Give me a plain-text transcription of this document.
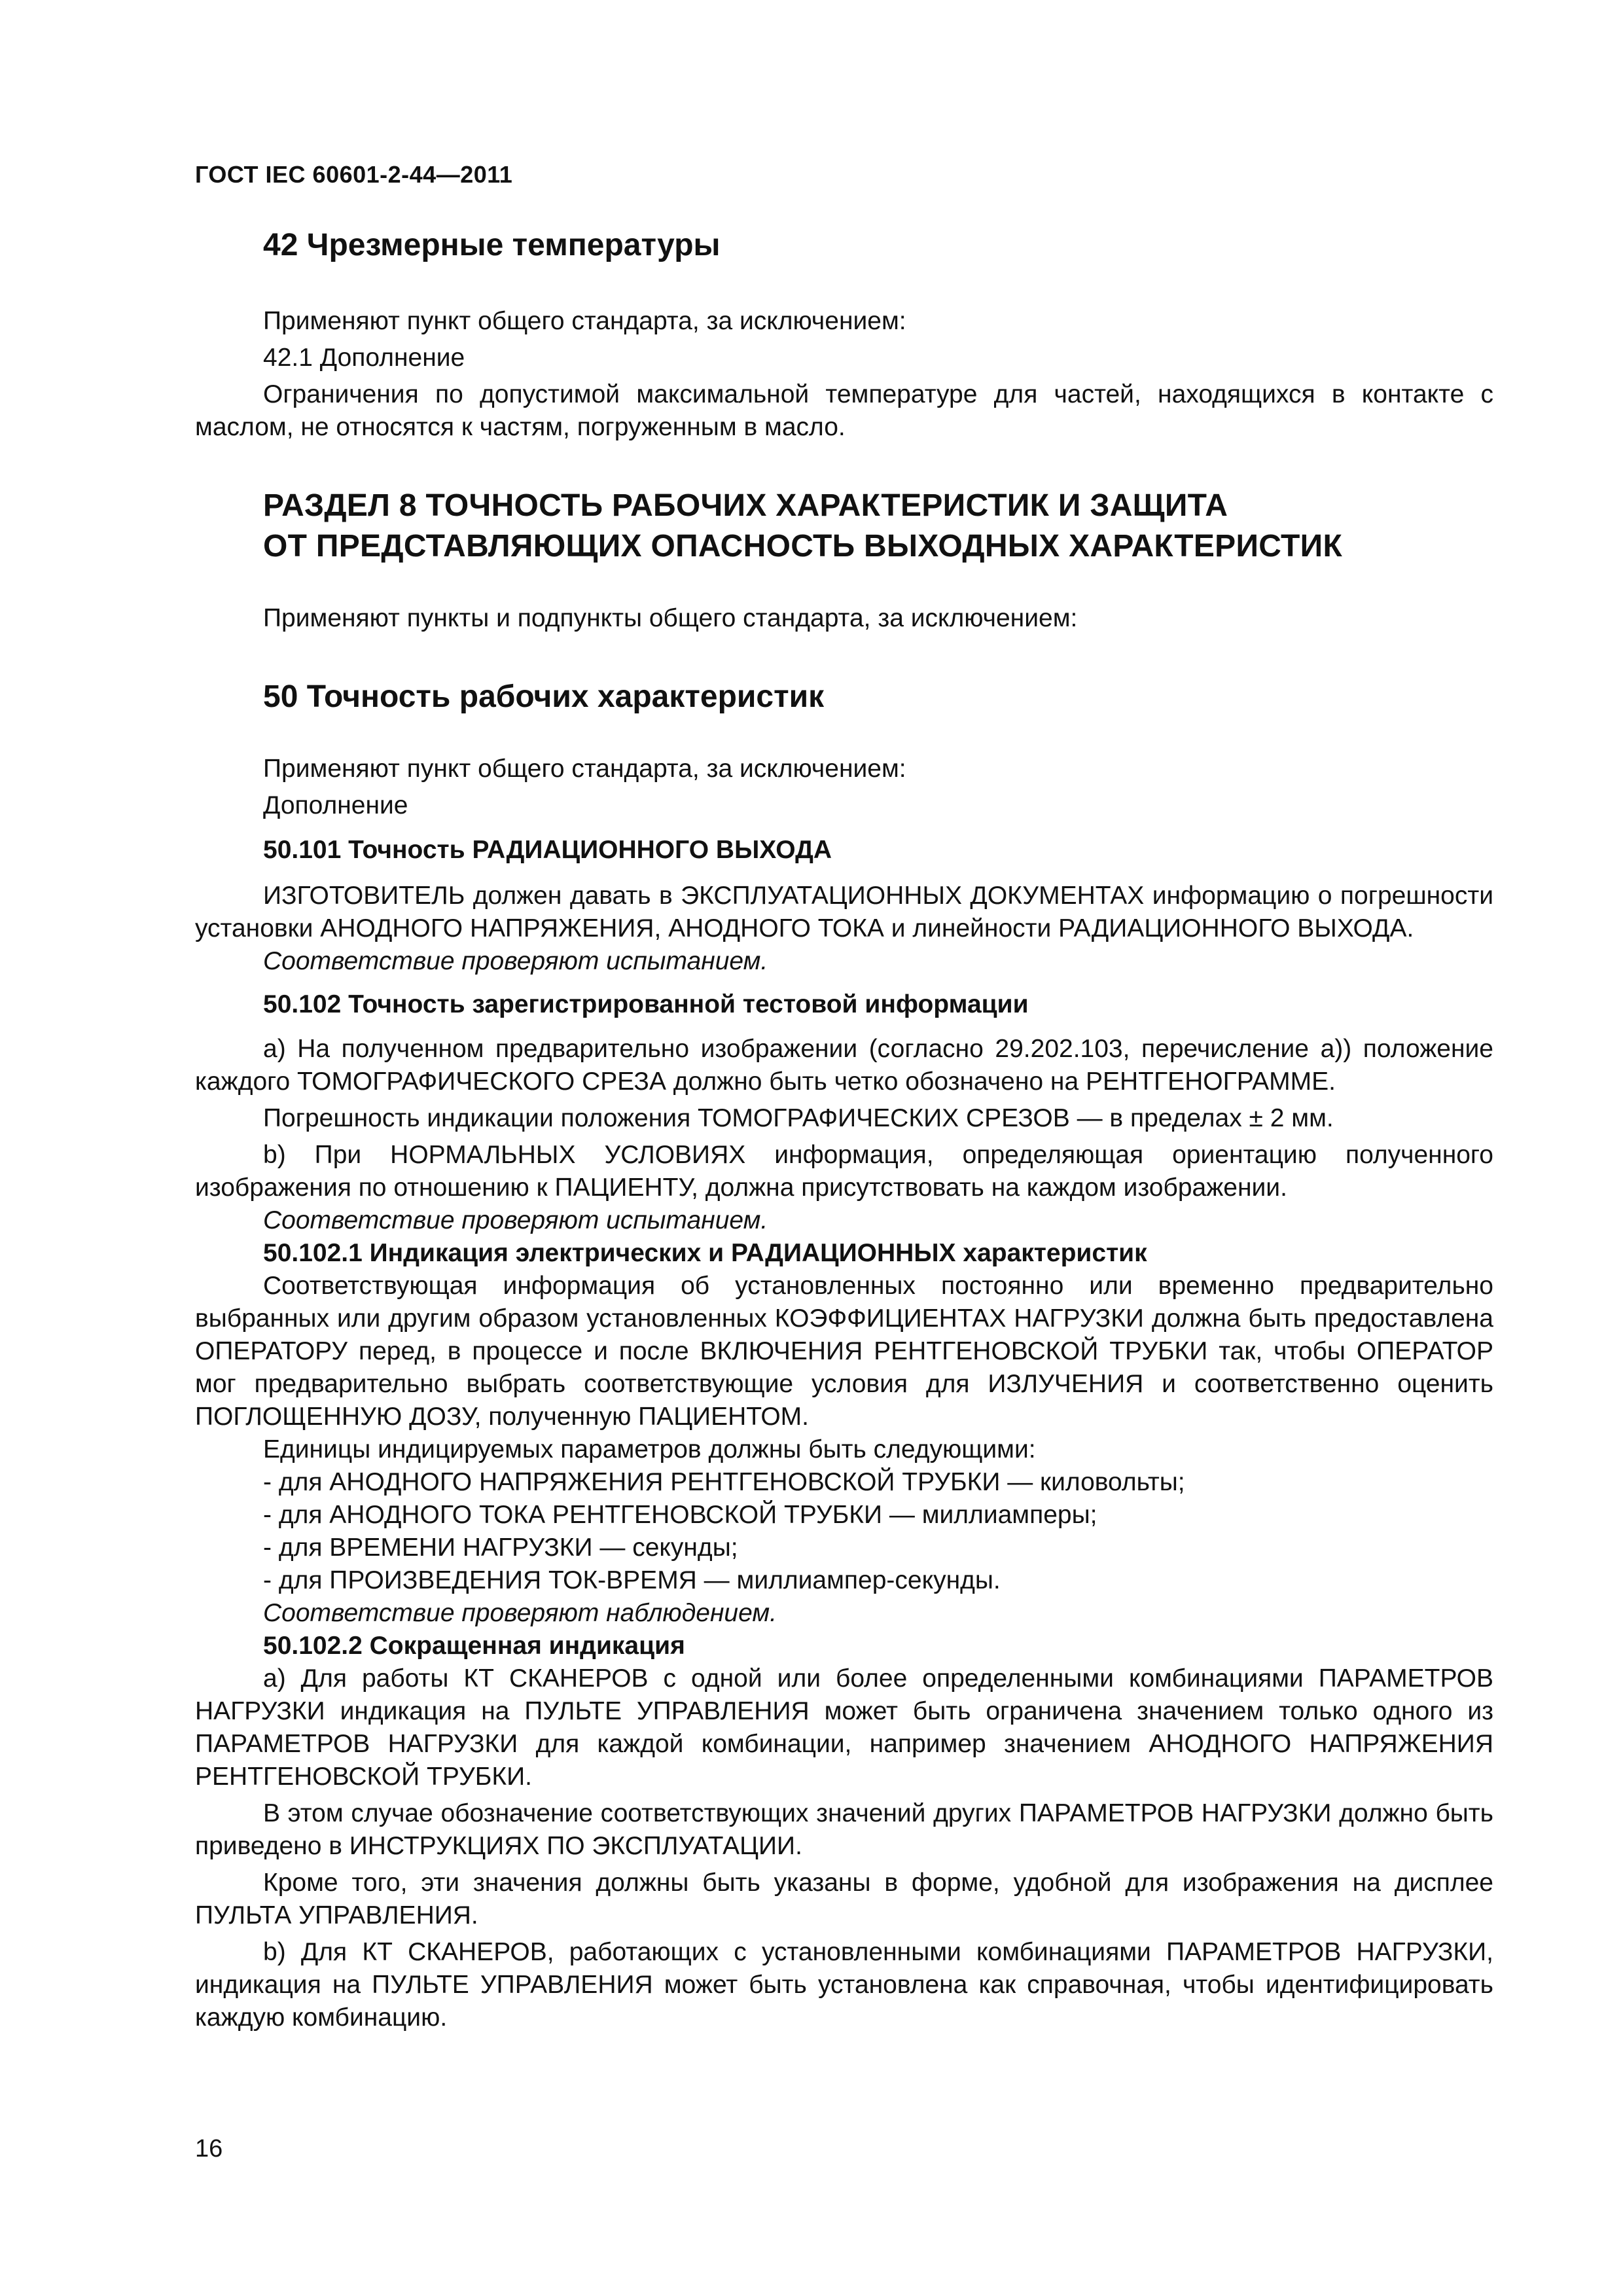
ГОСТ IEC 60601-2-44—2011

42 Чрезмерные температуры

Применяют пункт общего стандарта, за исключением:

42.1 Дополнение

Ограничения по допустимой максимальной температуре для частей, находящихся в контакте с маслом, не относятся к частям, погруженным в масло.

РАЗДЕЛ 8 ТОЧНОСТЬ РАБОЧИХ ХАРАКТЕРИСТИК И ЗАЩИТА

ОТ ПРЕДСТАВЛЯЮЩИХ ОПАСНОСТЬ ВЫХОДНЫХ ХАРАКТЕРИСТИК

Применяют пункты и подпункты общего стандарта, за исключением:

50 Точность рабочих характеристик

Применяют пункт общего стандарта, за исключением:

Дополнение

50.101 Точность РАДИАЦИОННОГО ВЫХОДА

ИЗГОТОВИТЕЛЬ должен давать в ЭКСПЛУАТАЦИОННЫХ ДОКУМЕНТАХ информацию о погрешности установки АНОДНОГО НАПРЯЖЕНИЯ, АНОДНОГО ТОКА и линейности РАДИАЦИОННОГО ВЫХОДА.

Соответствие проверяют испытанием.

50.102 Точность зарегистрированной тестовой информации

а) На полученном предварительно изображении (согласно 29.202.103, перечисление а)) положение каждого ТОМОГРАФИЧЕСКОГО СРЕЗА должно быть четко обозначено на РЕНТГЕНОГРАММЕ.

Погрешность индикации положения ТОМОГРАФИЧЕСКИХ СРЕЗОВ — в пределах ± 2 мм.

b) При НОРМАЛЬНЫХ УСЛОВИЯХ информация, определяющая ориентацию полученного изображения по отношению к ПАЦИЕНТУ, должна присутствовать на каждом изображении.

Соответствие проверяют испытанием.

50.102.1 Индикация электрических и РАДИАЦИОННЫХ характеристик

Соответствующая информация об установленных постоянно или временно предварительно выбранных или другим образом установленных КОЭФФИЦИЕНТАХ НАГРУЗКИ должна быть предоставлена ОПЕРАТОРУ перед, в процессе и после ВКЛЮЧЕНИЯ РЕНТГЕНОВСКОЙ ТРУБКИ так, чтобы ОПЕРАТОР мог предварительно выбрать соответствующие условия для ИЗЛУЧЕНИЯ и соответственно оценить ПОГЛОЩЕННУЮ ДОЗУ, полученную ПАЦИЕНТОМ.

Единицы индицируемых параметров должны быть следующими:

- для АНОДНОГО НАПРЯЖЕНИЯ РЕНТГЕНОВСКОЙ ТРУБКИ — киловольты;

- для АНОДНОГО ТОКА РЕНТГЕНОВСКОЙ ТРУБКИ — миллиамперы;

- для ВРЕМЕНИ НАГРУЗКИ — секунды;

- для ПРОИЗВЕДЕНИЯ ТОК-ВРЕМЯ — миллиампер-секунды.

Соответствие проверяют наблюдением.

50.102.2 Сокращенная индикация

а) Для работы КТ СКАНЕРОВ с одной или более определенными комбинациями ПАРАМЕТРОВ НАГРУЗКИ индикация на ПУЛЬТЕ УПРАВЛЕНИЯ может быть ограничена значением только одного из ПАРАМЕТРОВ НАГРУЗКИ для каждой комбинации, например значением АНОДНОГО НАПРЯЖЕНИЯ РЕНТГЕНОВСКОЙ ТРУБКИ.

В этом случае обозначение соответствующих значений других ПАРАМЕТРОВ НАГРУЗКИ должно быть приведено в ИНСТРУКЦИЯХ ПО ЭКСПЛУАТАЦИИ.

Кроме того, эти значения должны быть указаны в форме, удобной для изображения на дисплее ПУЛЬТА УПРАВЛЕНИЯ.

b) Для КТ СКАНЕРОВ, работающих с установленными комбинациями ПАРАМЕТРОВ НАГРУЗКИ, индикация на ПУЛЬТЕ УПРАВЛЕНИЯ может быть установлена как справочная, чтобы идентифицировать каждую комбинацию.

16
